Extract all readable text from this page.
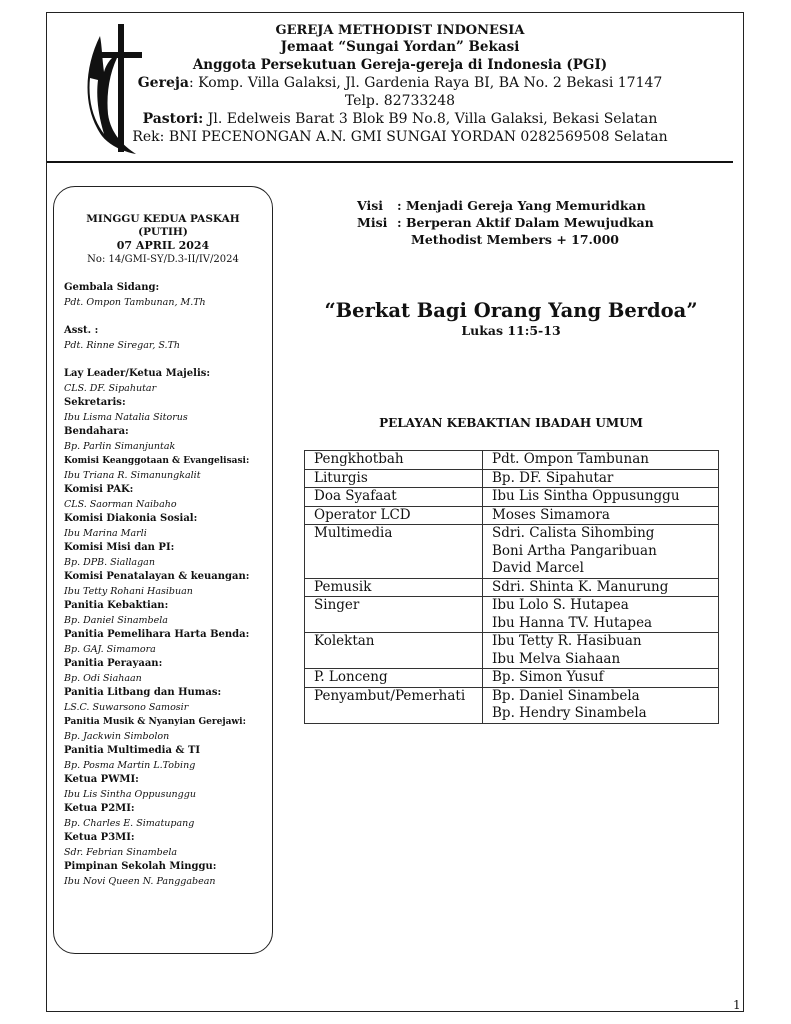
GEREJA METHODIST INDONESIA
Jemaat “Sungai Yordan” Bekasi
Anggota Persekutuan Gereja-gereja di Indonesia (PGI)
Gereja: Komp. Villa Galaksi, Jl. Gardenia Raya BI, BA No. 2 Bekasi 17147
Telp. 82733248
Pastori: Jl. Edelweis Barat 3 Blok B9 No.8, Villa Galaksi, Bekasi Selatan
Rek: BNI PECENONGAN A.N. GMI SUNGAI YORDAN 0282569508 Selatan
MINGGU KEDUA PASKAH
(PUTIH)
07 APRIL 2024
No: 14/GMI-SY/D.3-II/IV/2024
Gembala Sidang:
Pdt. Ompon Tambunan, M.Th
Asst. :
Pdt. Rinne Siregar, S.Th
Lay Leader/Ketua Majelis:
CLS. DF. Sipahutar
Sekretaris:
Ibu Lisma Natalia Sitorus
Bendahara:
Bp. Parlin Simanjuntak
Komisi Keanggotaan & Evangelisasi:
Ibu Triana R. Simanungkalit
Komisi PAK:
CLS. Saorman Naibaho
Komisi Diakonia Sosial:
Ibu Marina Marli
Komisi Misi dan PI:
Bp. DPB. Siallagan
Komisi Penatalayan & keuangan:
Ibu Tetty Rohani Hasibuan
Panitia Kebaktian:
Bp. Daniel Sinambela
Panitia Pemelihara Harta Benda:
Bp. GAJ. Simamora
Panitia Perayaan:
Bp. Odi Siahaan
Panitia Litbang dan Humas:
LS.C. Suwarsono Samosir
Panitia Musik & Nyanyian Gerejawi:
Bp. Jackwin Simbolon
Panitia Multimedia & TI
Bp. Posma Martin L.Tobing
Ketua PWMI:
Ibu Lis Sintha Oppusunggu
Ketua P2MI:
Bp. Charles E. Simatupang
Ketua P3MI:
Sdr. Febrian Sinambela
Pimpinan Sekolah Minggu:
Ibu Novi Queen N. Panggabean
Visi	: Menjadi Gereja Yang Memuridkan
Misi : Berperan Aktif Dalam Mewujudkan
Methodist Members + 17.000
“Berkat Bagi Orang Yang Berdoa”
Lukas 11:5-13
PELAYAN KEBAKTIAN IBADAH UMUM
Pengkhotbah	Pdt. Ompon Tambunan

Liturgis	Bp. DF. Sipahutar

Doa Syafaat	Ibu Lis Sintha Oppusunggu

Operator LCD	Moses Simamora

Multimedia	Sdri. Calista Sihombing
Boni Artha Pangaribuan
David Marcel

Pemusik	Sdri. Shinta K. Manurung

Singer	Ibu Lolo S. Hutapea
Ibu Hanna TV. Hutapea

Kolektan	Ibu Tetty R. Hasibuan
Ibu Melva Siahaan

P. Lonceng	Bp. Simon Yusuf

Penyambut/Pemerhati	Bp. Daniel Sinambela
Bp. Hendry Sinambela
1
